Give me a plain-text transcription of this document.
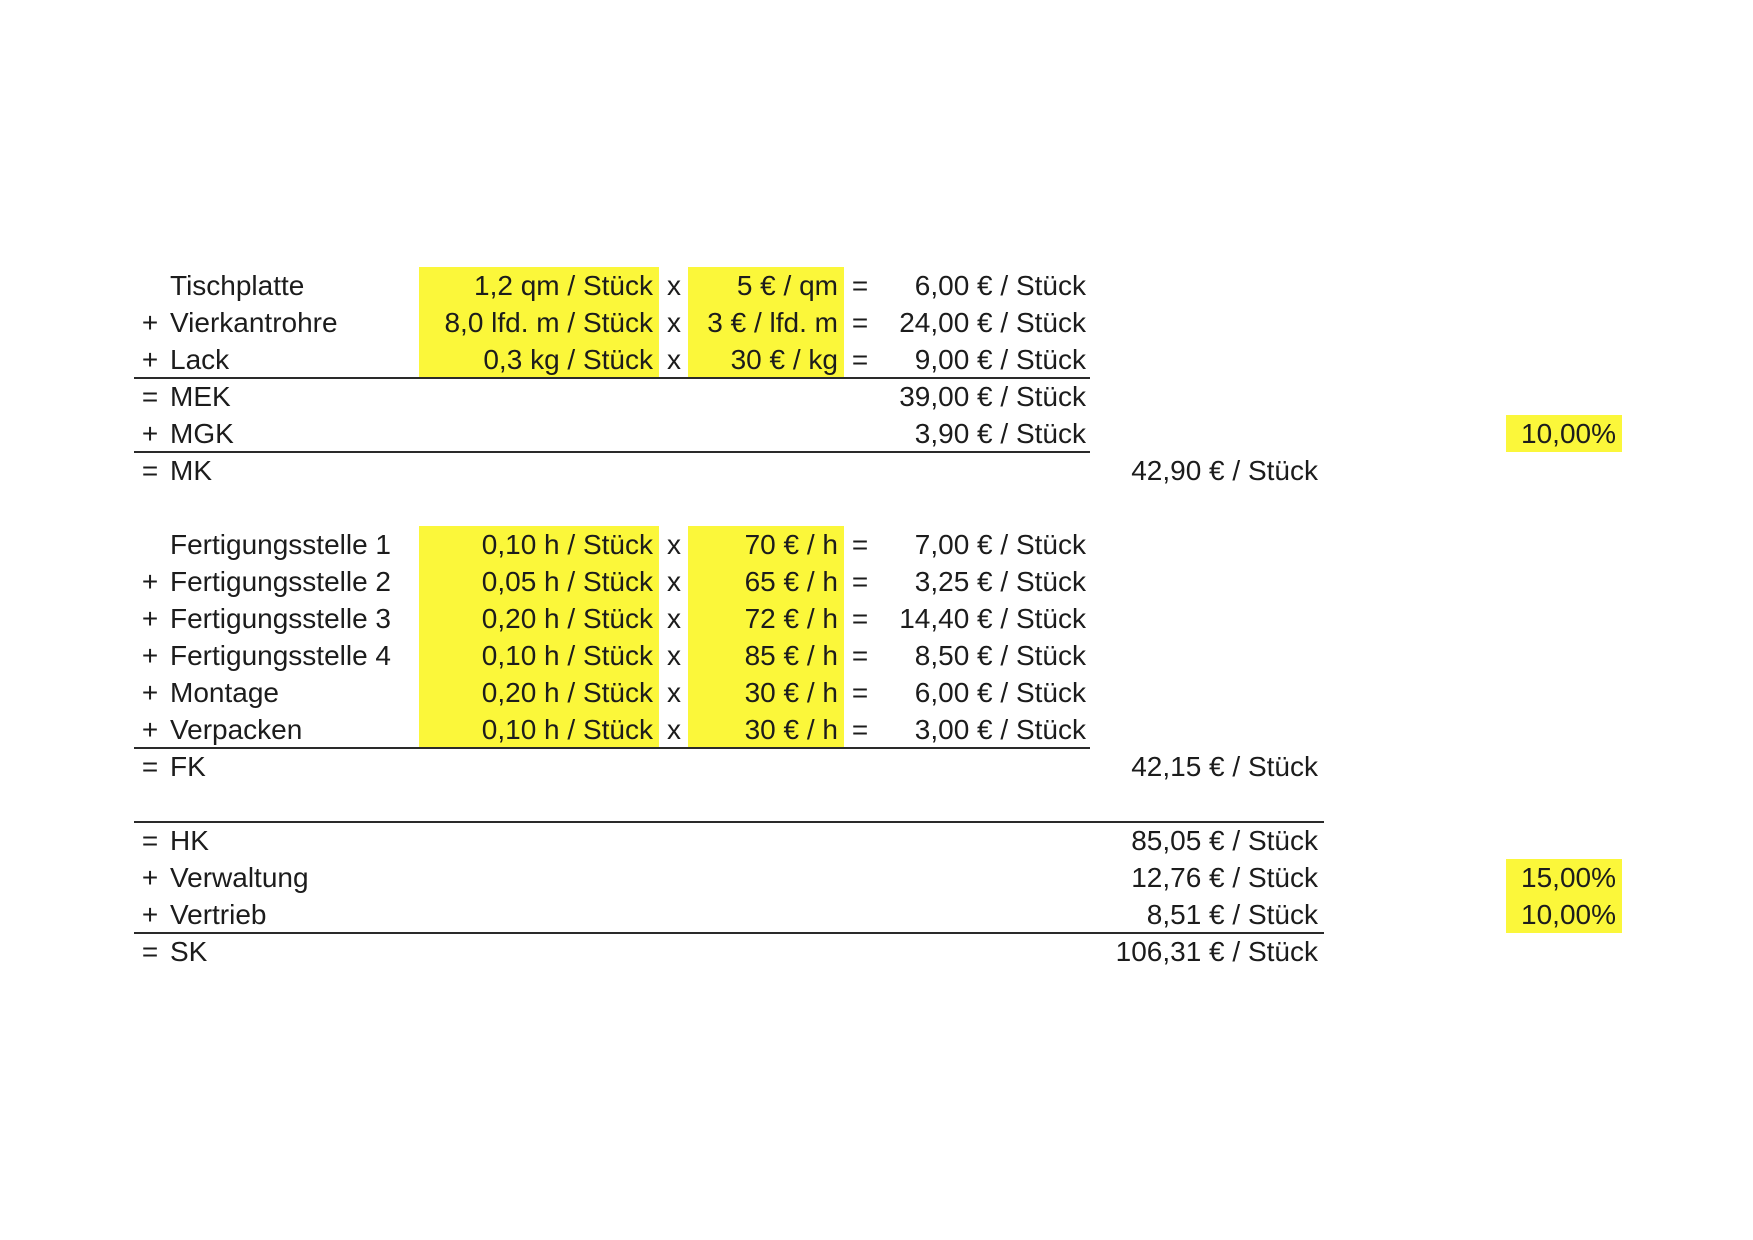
Tischplatte	1,2 qm / Stück x	5 € / qm =	6,00 € / Stück
+ Vierkantrohre	8,0 lfd. m / Stück x 3 € / lfd. m =	24,00 € / Stück
+ Lack	0,3 kg / Stück x	30 € / kg =	9,00 € / Stück
= MEK	39,00 € / Stück
+ MGK	3,90 € / Stück	10,00%
= MK	42,90 € / Stück
Fertigungsstelle 1	0,10 h / Stück x	70 € / h =	7,00 € / Stück
+ Fertigungsstelle 2	0,05 h / Stück x	65 € / h =	3,25 € / Stück
+ Fertigungsstelle 3	0,20 h / Stück x	72 € / h =	14,40 € / Stück
+ Fertigungsstelle 4	0,10 h / Stück x	85 € / h =	8,50 € / Stück
+ Montage	0,20 h / Stück x	30 € / h =	6,00 € / Stück
+ Verpacken	0,10 h / Stück x	30 € / h =	3,00 € / Stück
= FK	42,15 € / Stück
= HK	85,05 € / Stück
+ Verwaltung	12,76 € / Stück	15,00%
+ Vertrieb	8,51 € / Stück	10,00%
= SK	106,31 € / Stück
